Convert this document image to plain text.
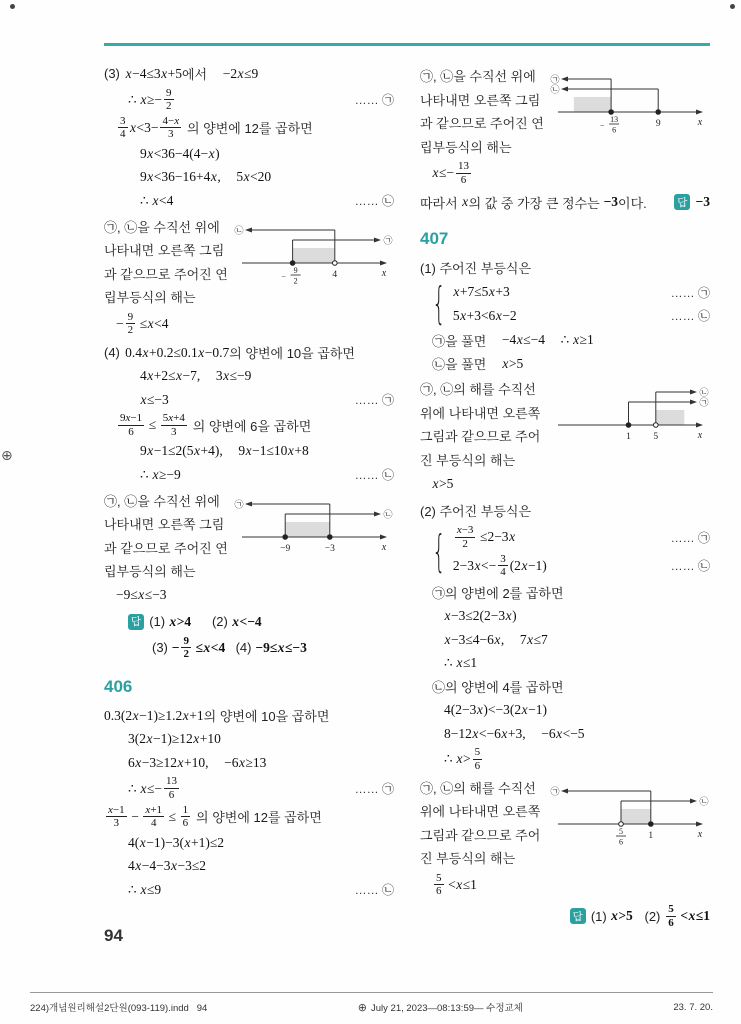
⊕
(3) x−4≤3x+5 에서 −2x≤9
∴ $x\ge- \frac{9}{2}$	…… ㉠
$\frac{3}{4} x<3- \frac{4-x}{3}$ 의 양변에 12를 곱하면
9x<36−4(4−x)
9x<36−16+4x, 5x<20
∴ x<4	…… ㉡
㉠, ㉡을 수직선 위에 나타내면 오른쪽 그림과 같으므로 주어진 연립부등식의 해는
− $\frac{9}{2} \le x<4$
x
㉡
㉠
9
2
−	4
(4) 0.4x+0.2≤0.1x−0.7 의 양변에 10을 곱하면
4x+2≤x−7, 3x≤−9
x≤−3	…… ㉠
$\frac{9x-1}{6} \le \frac{5x+4}{3}$ 의 양변에 6을 곱하면
9x−1≤2(5x+4), 9x−1≤10x+8
∴ x≥−9	…… ㉡
㉠, ㉡을 수직선 위에 나타내면 오른쪽 그림과 같으므로 주어진 연립부등식의 해는
−9≤x≤−3
x
㉠
㉡
−9	−3
답 (1) x>4 (2) x<−4
$(3) - \frac{9}{2} \le x<4$ (4) −9≤x≤−3
406
0.3(2x−1)≥1.2x+1 의 양변에 10을 곱하면
3(2x−1)≥12x+10
6x−3≥12x+10, −6x≥13
∴ $x\le- \frac{13}{6}$	…… ㉠
$\frac{x-1}{3} - \frac{x+1}{4} \le \frac{1}{6}$ 의 양변에 12를 곱하면
4(x−1)−3(x+1)≤2
4x−4−3x−3≤2
∴ x≤9	…… ㉡
㉠, ㉡을 수직선 위에 나타내면 오른쪽 그림과 같으므로 주어진 연립부등식의 해는
$x\le- \frac{13}{6}$
x
㉠
㉡
13
6
−	9
따라서 x 의 값 중 가장 큰 정수는 −3 이다.	답 −3
407
(1) 주어진 부등식은
{ x+7≤5x+3	…… ㉠
5x+3<6x−2	…… ㉡
㉠을 풀면 −4x≤−4 ∴ x≥1
㉡을 풀면 x>5
㉠, ㉡의 해를 수직선 위에 나타내면 오른쪽 그림과 같으므로 주어진 부등식의 해는
x>5
x
㉡
㉠
1 5
(2) 주어진 부등식은
{ $\frac{x-3}{2} \le 2-3x$	…… ㉠
$2-3x<- \frac{3}{4} (2x-1)$	…… ㉡
㉠의 양변에 2를 곱하면
x−3≤2(2−3x)
x−3≤4−6x, 7x≤7
∴ x≤1
㉡의 양변에 4를 곱하면
4(2−3x)<−3(2x−1)
8−12x<−6x+3, −6x<−5
∴ $x> \frac{5}{6}$
㉠, ㉡의 해를 수직선 위에 나타내면 오른쪽 그림과 같으므로 주어진 부등식의 해는
$\frac{5}{6} <x\le 1$
x
㉠
㉡
5
6
1
답 (1) x>5 $(2) \frac{5}{6} <x\le 1$
94
224)개념원리해설2단원(093-119).indd   94	⊕ July 21, 2023—08:13:59— 수정교체	23. 7. 20.
